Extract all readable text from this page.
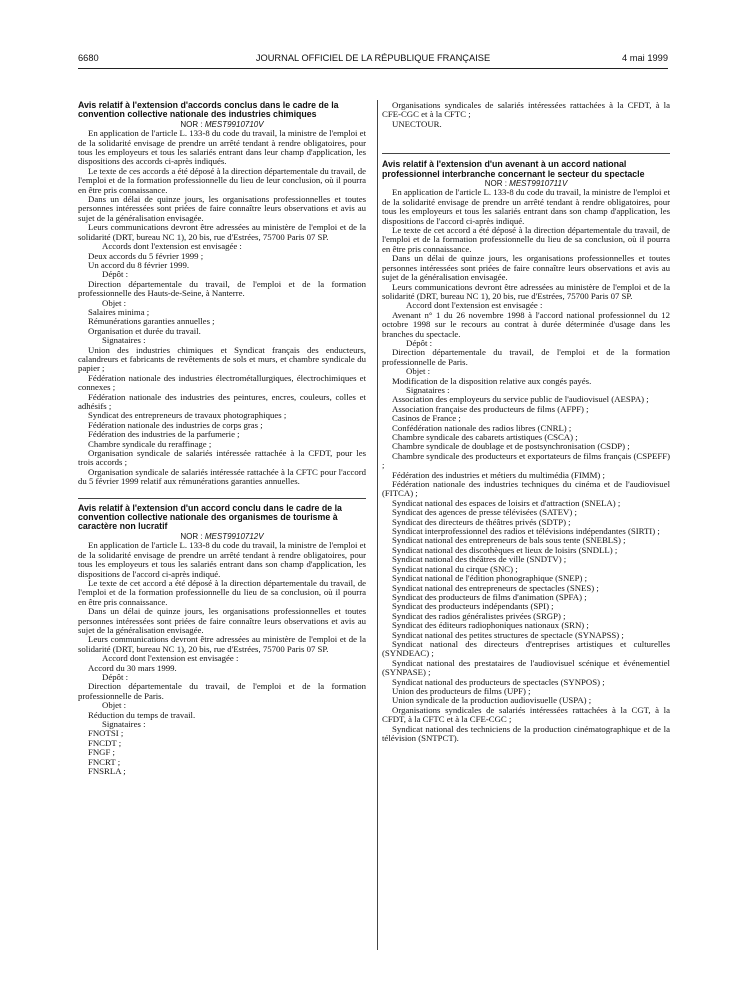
6680	JOURNAL OFFICIEL DE LA RÉPUBLIQUE FRANÇAISE	4 mai 1999

Avis relatif à l'extension d'accords conclus dans le cadre de la convention collective nationale des industries chimiques

NOR : MEST9910710V

En application de l'article L. 133-8 du code du travail, la ministre de l'emploi et de la solidarité envisage de prendre un arrêté tendant à rendre obligatoires, pour tous les employeurs et tous les salariés entrant dans leur champ d'application, les dispositions des accords ci-après indiqués.

Le texte de ces accords a été déposé à la direction départementale du travail, de l'emploi et de la formation professionnelle du lieu de leur conclusion, où il pourra en être pris connaissance.

Dans un délai de quinze jours, les organisations professionnelles et toutes personnes intéressées sont priées de faire connaître leurs observations et avis au sujet de la généralisation envisagée.

Leurs communications devront être adressées au ministère de l'emploi et de la solidarité (DRT, bureau NC 1), 20 bis, rue d'Estrées, 75700 Paris 07 SP.

Accords dont l'extension est envisagée :

Deux accords du 5 février 1999 ;

Un accord du 8 février 1999.

Dépôt :

Direction départementale du travail, de l'emploi et de la formation professionnelle des Hauts-de-Seine, à Nanterre.

Objet :

Salaires minima ;

Rémunérations garanties annuelles ;

Organisation et durée du travail.

Signataires :

Union des industries chimiques et Syndicat français des enducteurs, calandreurs et fabricants de revêtements de sols et murs, et chambre syndicale du papier ;

Fédération nationale des industries électrométallurgiques, électrochimiques et connexes ;

Fédération nationale des industries des peintures, encres, couleurs, colles et adhésifs ;

Syndicat des entrepreneurs de travaux photographiques ;

Fédération nationale des industries de corps gras ;

Fédération des industries de la parfumerie ;

Chambre syndicale du reraffinage ;

Organisation syndicale de salariés intéressée rattachée à la CFDT, pour les trois accords ;

Organisation syndicale de salariés intéressée rattachée à la CFTC pour l'accord du 5 février 1999 relatif aux rémunérations garanties annuelles.

Avis relatif à l'extension d'un accord conclu dans le cadre de la convention collective nationale des organismes de tourisme à caractère non lucratif

NOR : MEST9910712V

En application de l'article L. 133-8 du code du travail, la ministre de l'emploi et de la solidarité envisage de prendre un arrêté tendant à rendre obligatoires, pour tous les employeurs et tous les salariés entrant dans son champ d'application, les dispositions de l'accord ci-après indiqué.

Le texte de cet accord a été déposé à la direction départementale du travail, de l'emploi et de la formation professionnelle du lieu de sa conclusion, où il pourra en être pris connaissance.

Dans un délai de quinze jours, les organisations professionnelles et toutes personnes intéressées sont priées de faire connaître leurs observations et avis au sujet de la généralisation envisagée.

Leurs communications devront être adressées au ministère de l'emploi et de la solidarité (DRT, bureau NC 1), 20 bis, rue d'Estrées, 75700 Paris 07 SP.

Accord dont l'extension est envisagée :

Accord du 30 mars 1999.

Dépôt :

Direction départementale du travail, de l'emploi et de la formation professionnelle de Paris.

Objet :

Réduction du temps de travail.

Signataires :

FNOTSI ;

FNCDT ;

FNGF ;

FNCRT ;

FNSRLA ;

Organisations syndicales de salariés intéressées rattachées à la CFDT, à la CFE-CGC et à la CFTC ;

UNECTOUR.

Avis relatif à l'extension d'un avenant à un accord national professionnel interbranche concernant le secteur du spectacle

NOR : MEST9910711V

En application de l'article L. 133-8 du code du travail, la ministre de l'emploi et de la solidarité envisage de prendre un arrêté tendant à rendre obligatoires, pour tous les employeurs et tous les salariés entrant dans son champ d'application, les dispositions de l'accord ci-après indiqué.

Le texte de cet accord a été déposé à la direction départementale du travail, de l'emploi et de la formation professionnelle du lieu de sa conclusion, où il pourra en être pris connaissance.

Dans un délai de quinze jours, les organisations professionnelles et toutes personnes intéressées sont priées de faire connaître leurs observations et avis au sujet de la généralisation envisagée.

Leurs communications devront être adressées au ministère de l'emploi et de la solidarité (DRT, bureau NC 1), 20 bis, rue d'Estrées, 75700 Paris 07 SP.

Accord dont l'extension est envisagée :

Avenant n° 1 du 26 novembre 1998 à l'accord national professionnel du 12 octobre 1998 sur le recours au contrat à durée déterminée d'usage dans les branches du spectacle.

Dépôt :

Direction départementale du travail, de l'emploi et de la formation professionnelle de Paris.

Objet :

Modification de la disposition relative aux congés payés.

Signataires :

Association des employeurs du service public de l'audiovisuel (AESPA) ;

Association française des producteurs de films (AFPF) ;

Casinos de France ;

Confédération nationale des radios libres (CNRL) ;

Chambre syndicale des cabarets artistiques (CSCA) ;

Chambre syndicale de doublage et de postsynchronisation (CSDP) ;

Chambre syndicale des producteurs et exportateurs de films français (CSPEFF) ;

Fédération des industries et métiers du multimédia (FIMM) ;

Fédération nationale des industries techniques du cinéma et de l'audiovisuel (FITCA) ;

Syndicat national des espaces de loisirs et d'attraction (SNELA) ;

Syndicat des agences de presse télévisées (SATEV) ;

Syndicat des directeurs de théâtres privés (SDTP) ;

Syndicat interprofessionnel des radios et télévisions indépendantes (SIRTI) ;

Syndicat national des entrepreneurs de bals sous tente (SNEBLS) ;

Syndicat national des discothèques et lieux de loisirs (SNDLL) ;

Syndicat national des théâtres de ville (SNDTV) ;

Syndicat national du cirque (SNC) ;

Syndicat national de l'édition phonographique (SNEP) ;

Syndicat national des entrepreneurs de spectacles (SNES) ;

Syndicat des producteurs de films d'animation (SPFA) ;

Syndicat des producteurs indépendants (SPI) ;

Syndicat des radios généralistes privées (SRGP) ;

Syndicat des éditeurs radiophoniques nationaux (SRN) ;

Syndicat national des petites structures de spectacle (SYNAPSS) ;

Syndicat national des directeurs d'entreprises artistiques et culturelles (SYNDEAC) ;

Syndicat national des prestataires de l'audiovisuel scénique et événementiel (SYNPASE) ;

Syndicat national des producteurs de spectacles (SYNPOS) ;

Union des producteurs de films (UPF) ;

Union syndicale de la production audiovisuelle (USPA) ;

Organisations syndicales de salariés intéressées rattachées à la CGT, à la CFDT, à la CFTC et à la CFE-CGC ;

Syndicat national des techniciens de la production cinématographique et de la télévision (SNTPCT).
